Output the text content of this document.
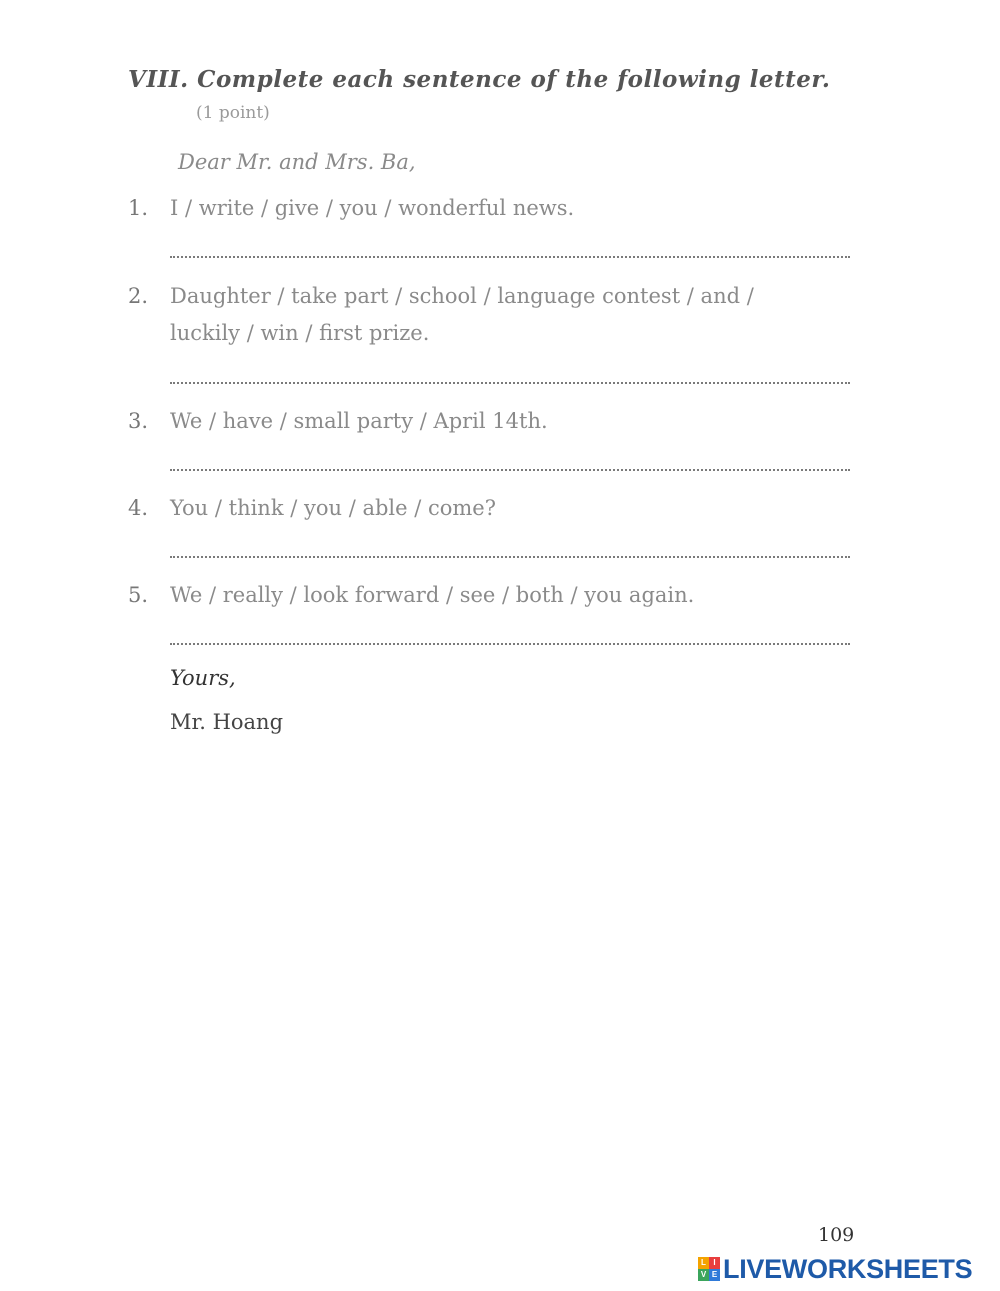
VIII. Complete each sentence of the following letter.
(1 point)
Dear Mr. and Mrs. Ba,
1. I / write / give / you / wonderful news.
2. Daughter / take part / school / language contest / and /
luckily / win / first prize.
3. We / have / small party / April 14th.
4. You / think / you / able / come?
5. We / really / look forward / see / both / you again.
Yours,
Mr. Hoang
109
L I
V E LIVEWORKSHEETS
